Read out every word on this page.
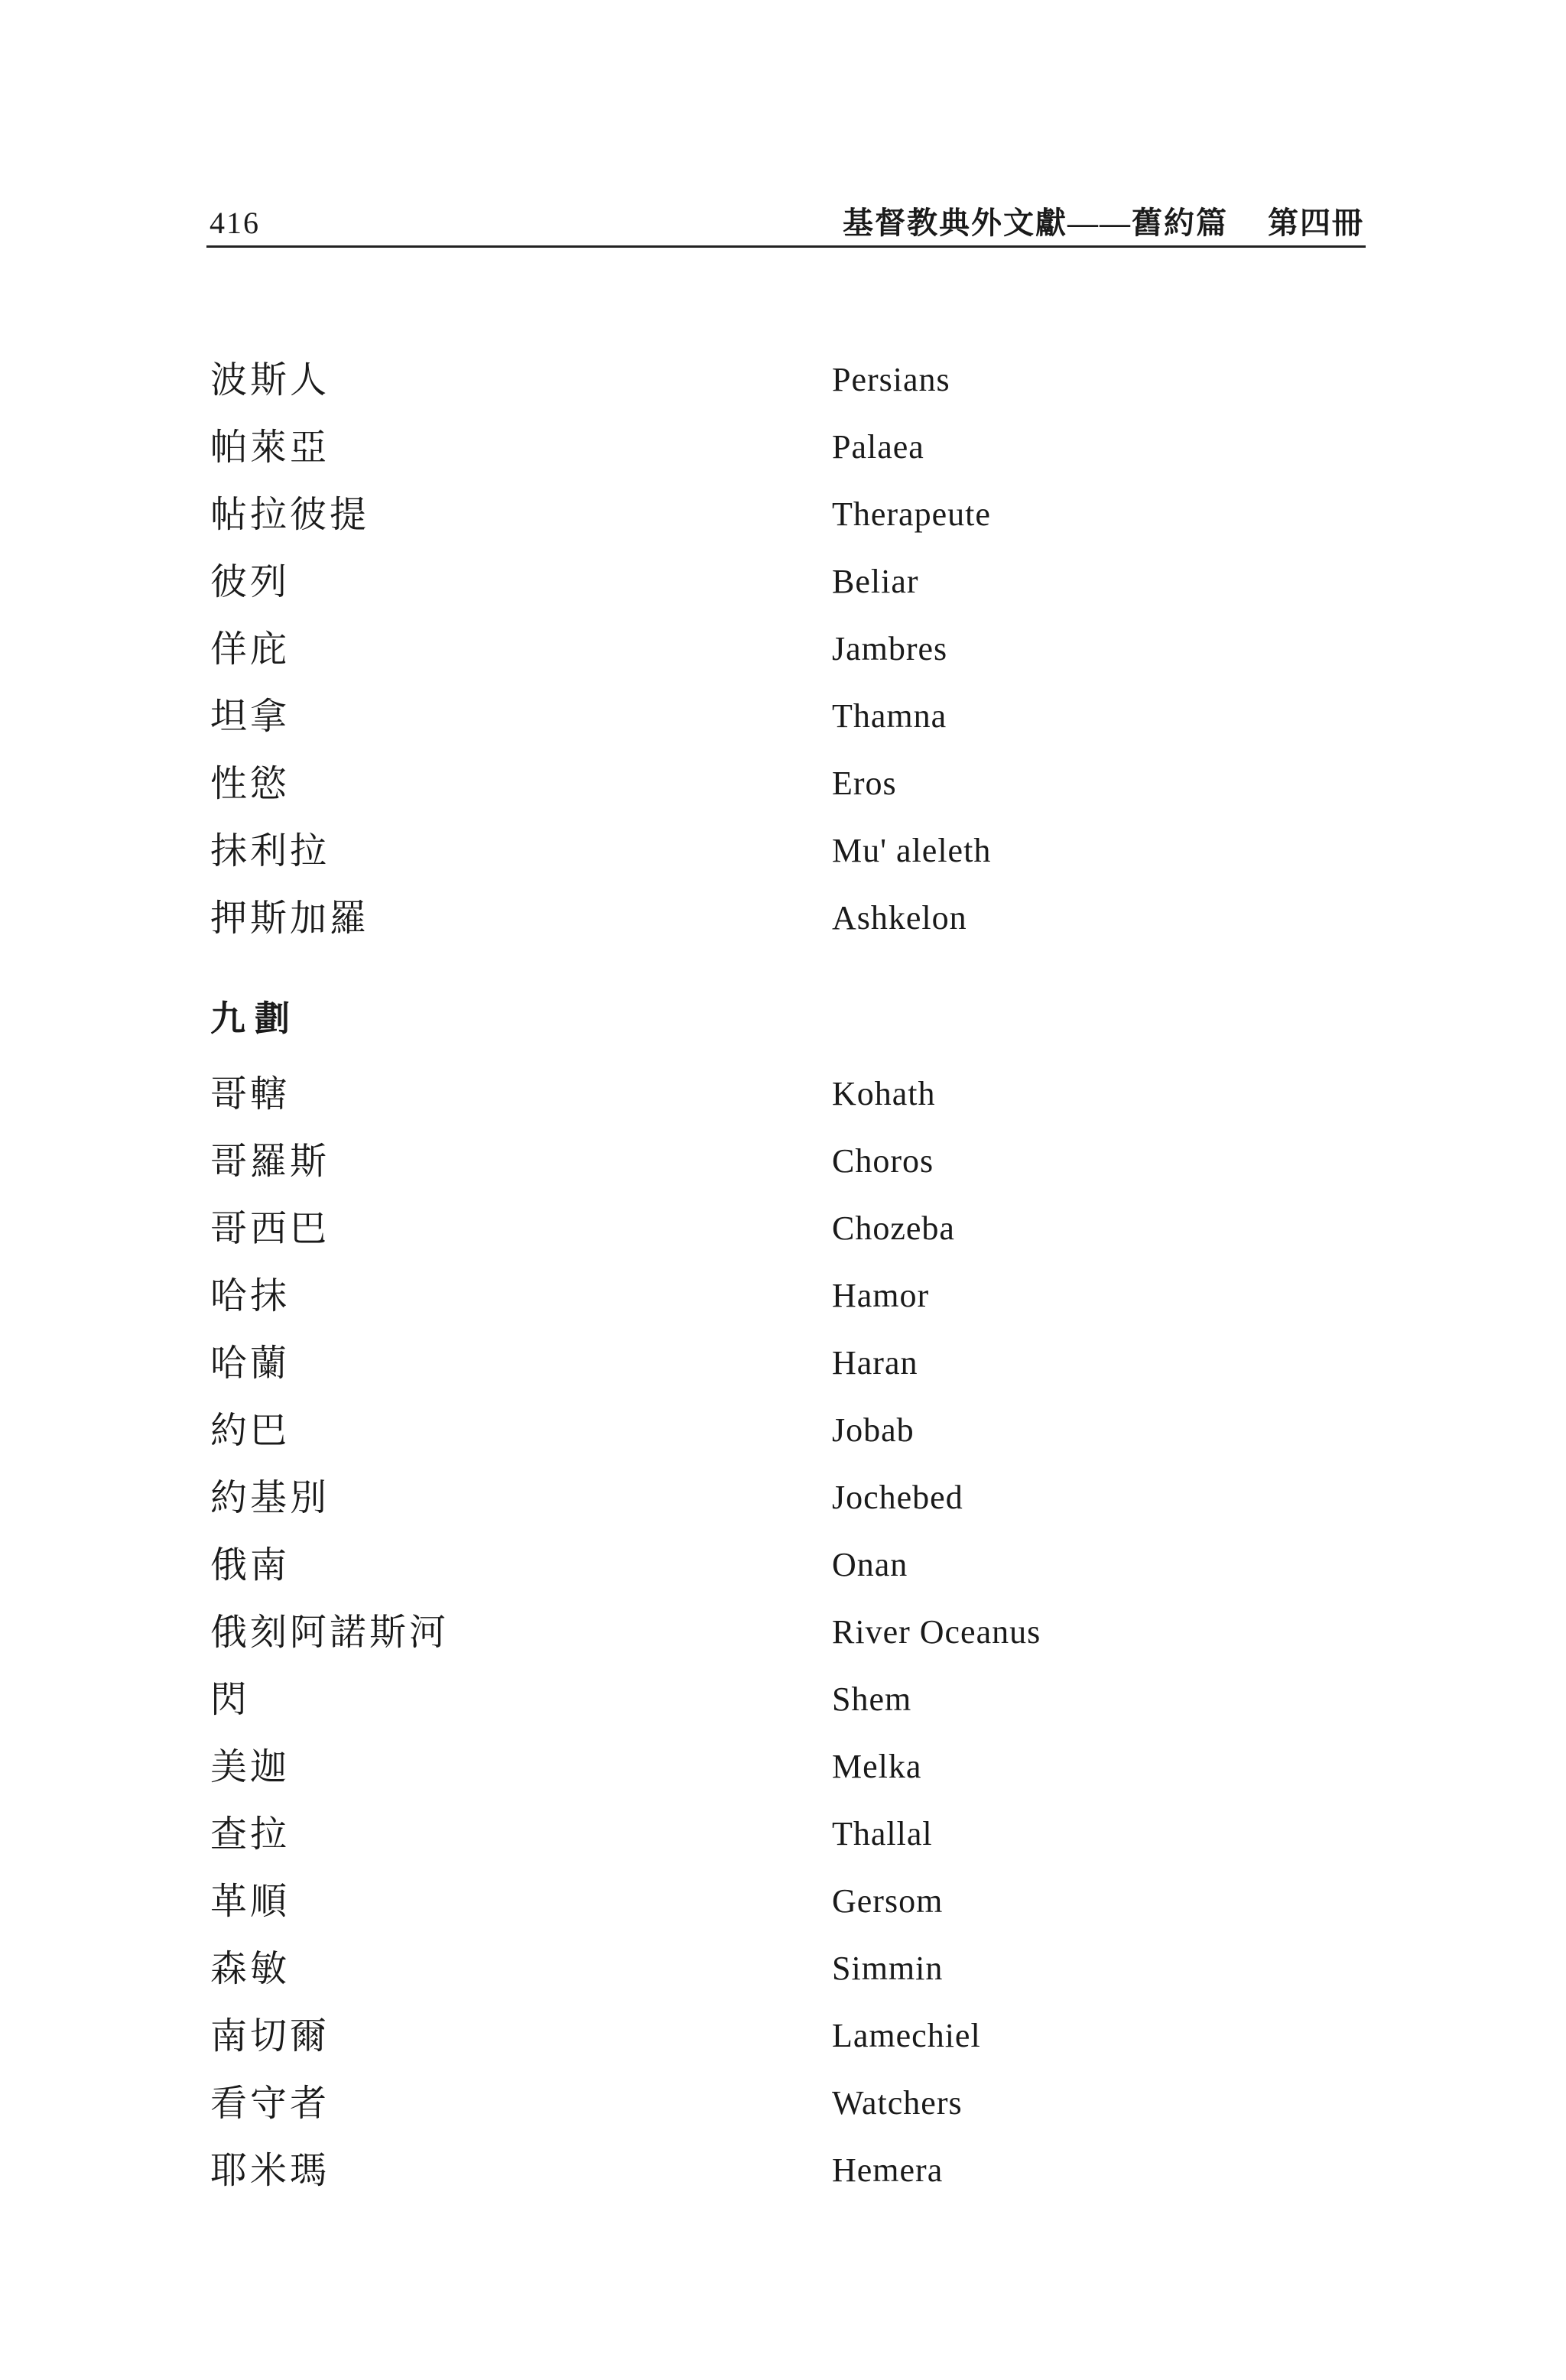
416	基督教典外文獻——舊約篇 第四冊
波斯人	Persians
帕萊亞	Palaea
帖拉彼提	Therapeute
彼列	Beliar
佯庇	Jambres
坦拿	Thamna
性慾	Eros
抹利拉	Mu' aleleth
押斯加羅	Ashkelon
九劃
哥轄	Kohath
哥羅斯	Choros
哥西巴	Chozeba
哈抹	Hamor
哈蘭	Haran
約巴	Jobab
約基別	Jochebed
俄南	Onan
俄刻阿諾斯河	River Oceanus
閃	Shem
美迦	Melka
查拉	Thallal
革順	Gersom
森敏	Simmin
南切爾	Lamechiel
看守者	Watchers
耶米瑪	Hemera
